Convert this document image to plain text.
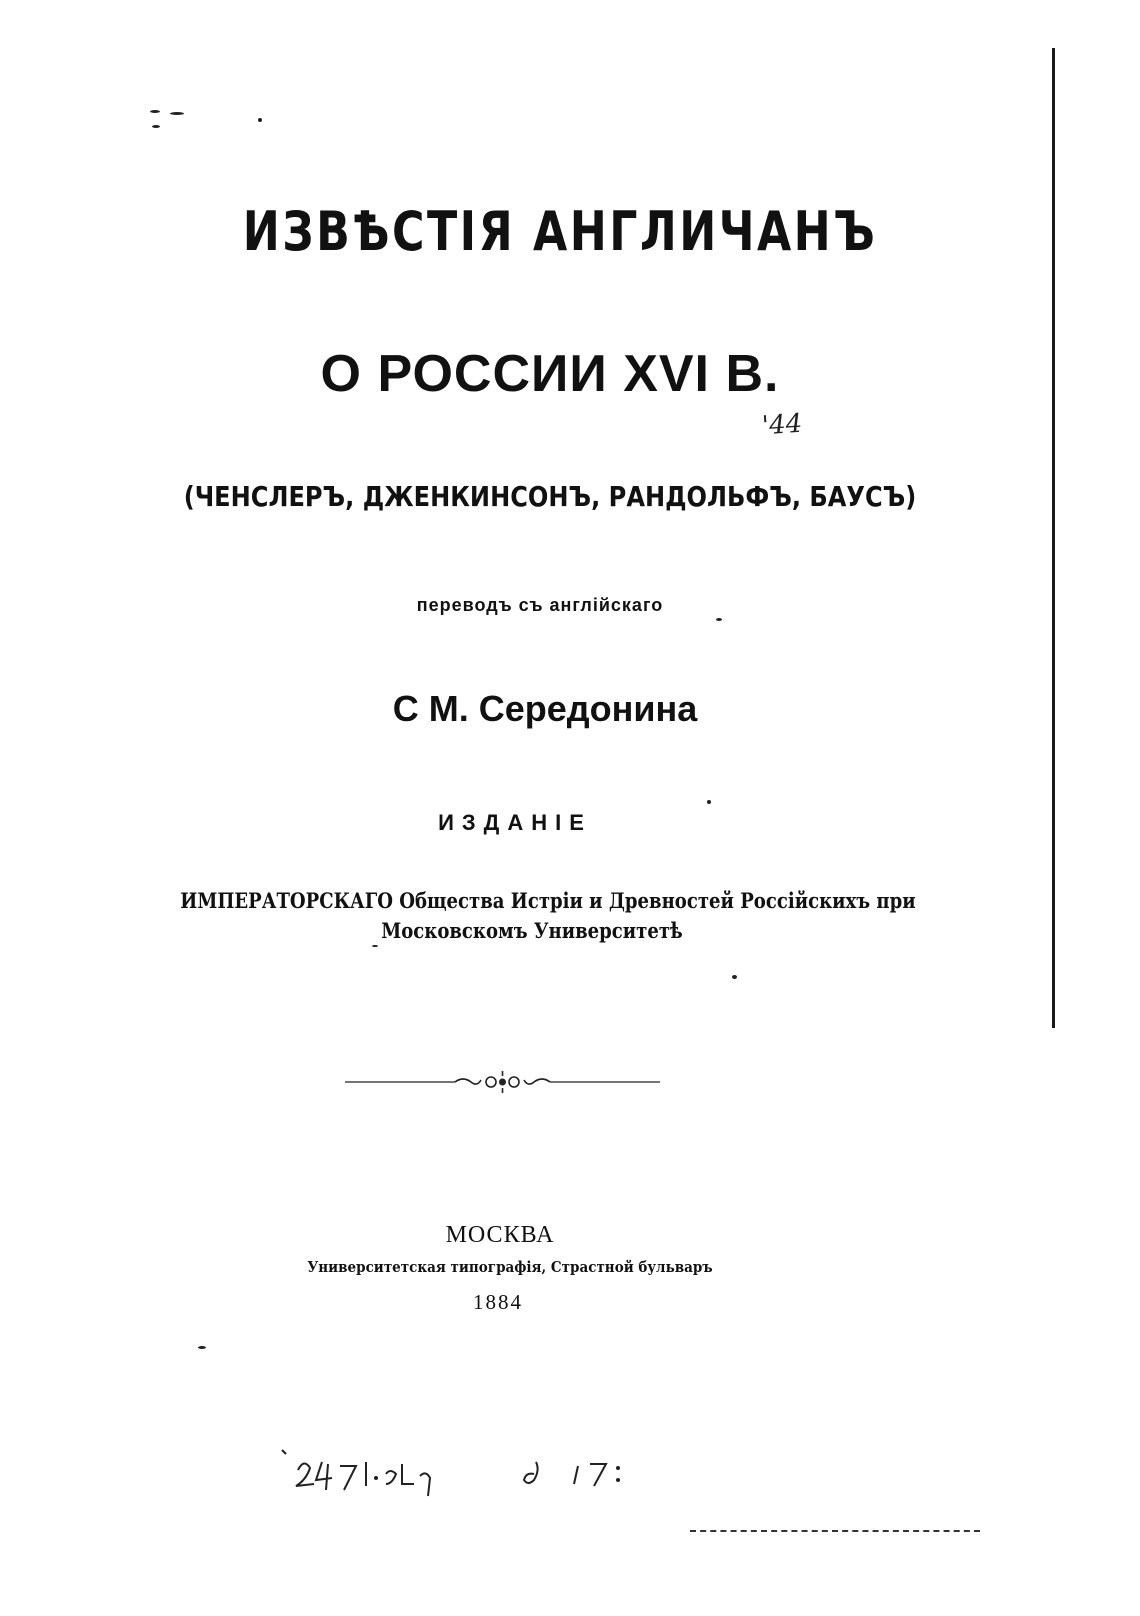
ИЗВѢСТІЯ АНГЛИЧАНЪ
О РОССИИ XVI В.
'44
(ЧЕНСЛЕРЪ, ДЖЕНКИНСОНЪ, РАНДОЛЬФЪ, БАУСЪ)
переводъ съ англійскаго
С М. Середонина
ИЗДАНІЕ
ИМПЕРАТОРСКАГО Общества Истріи и Древностей Россійскихъ при
Московскомъ Университетѣ
МОСКВА
Университетская типографія, Страстной бульваръ
1884
